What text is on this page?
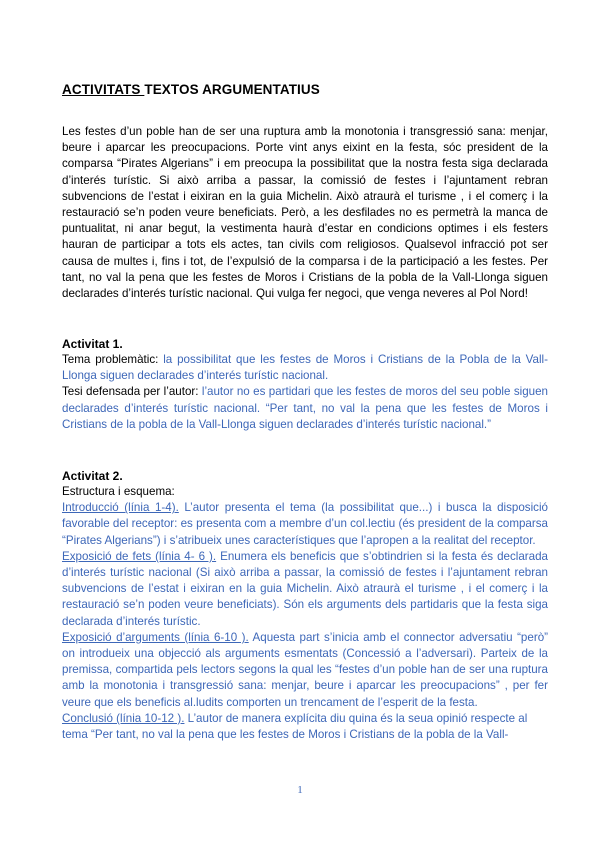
ACTIVITATS TEXTOS ARGUMENTATIUS

Les festes d’un poble han de ser una ruptura amb la monotonia i transgressió sana: menjar, beure i aparcar les preocupacions. Porte vint anys eixint en la festa, sóc president de la comparsa “Pirates Algerians” i em preocupa la possibilitat que la nostra festa siga declarada d’interés turístic. Si això arriba a passar, la comissió de festes i l’ajuntament rebran subvencions de l’estat i eixiran en la guia Michelin. Això atraurà el turisme , i el comerç i la restauració se’n poden veure beneficiats. Però, a les desfilades no es permetrà la manca de puntualitat, ni anar begut, la vestimenta haurà d’estar en condicions optimes i els festers hauran de participar a tots els actes, tan civils com religiosos. Qualsevol infracció pot ser causa de multes i, fins i tot, de l’expulsió de la comparsa i de la participació a les festes. Per tant, no val la pena que les festes de Moros i Cristians de la pobla de la Vall-Llonga siguen declarades d’interés turístic nacional. Qui vulga fer negoci, que venga neveres al Pol Nord!

Activitat 1.

Tema problemàtic: la possibilitat que les festes de Moros i Cristians de la Pobla de la Vall-Llonga siguen declarades d’interés turístic nacional.

Tesi defensada per l’autor: l’autor no es partidari que les festes de moros del seu poble siguen declarades d’interés turístic nacional. “Per tant, no val la pena que les festes de Moros i Cristians de la pobla de la Vall-Llonga siguen declarades d’interés turístic nacional.”

Activitat 2.

Estructura i esquema:

Introducció (línia 1-4). L’autor presenta el tema (la possibilitat que...) i busca la disposició favorable del receptor: es presenta com a membre d’un col.lectiu (és president de la comparsa “Pirates Algerians”) i s’atribueix unes característiques que l’apropen a la realitat del receptor.

Exposició de fets (línia 4- 6 ). Enumera els beneficis que s’obtindrien si la festa és declarada d’interés turístic nacional (Si això arriba a passar, la comissió de festes i l’ajuntament rebran subvencions de l’estat i eixiran en la guia Michelin. Això atraurà el turisme , i el comerç i la restauració se’n poden veure beneficiats). Són els arguments dels partidaris que la festa siga declarada d’interés turístic.

Exposició d’arguments (línia 6-10 ). Aquesta part s’inicia amb el connector adversatiu “però” on introdueix una objecció als arguments esmentats (Concessió a l’adversari). Parteix de la premissa, compartida pels lectors segons la qual les “festes d’un poble han de ser una ruptura amb la monotonia i transgressió sana: menjar, beure i aparcar les preocupacions” , per fer veure que els beneficis al.ludits comporten un trencament de l’esperit de la festa.

Conclusió (línia 10-12 ). L’autor de manera explícita diu quina és la seua opinió respecte al

tema “Per tant, no val la pena que les festes de Moros i Cristians de la pobla de la Vall-

1
